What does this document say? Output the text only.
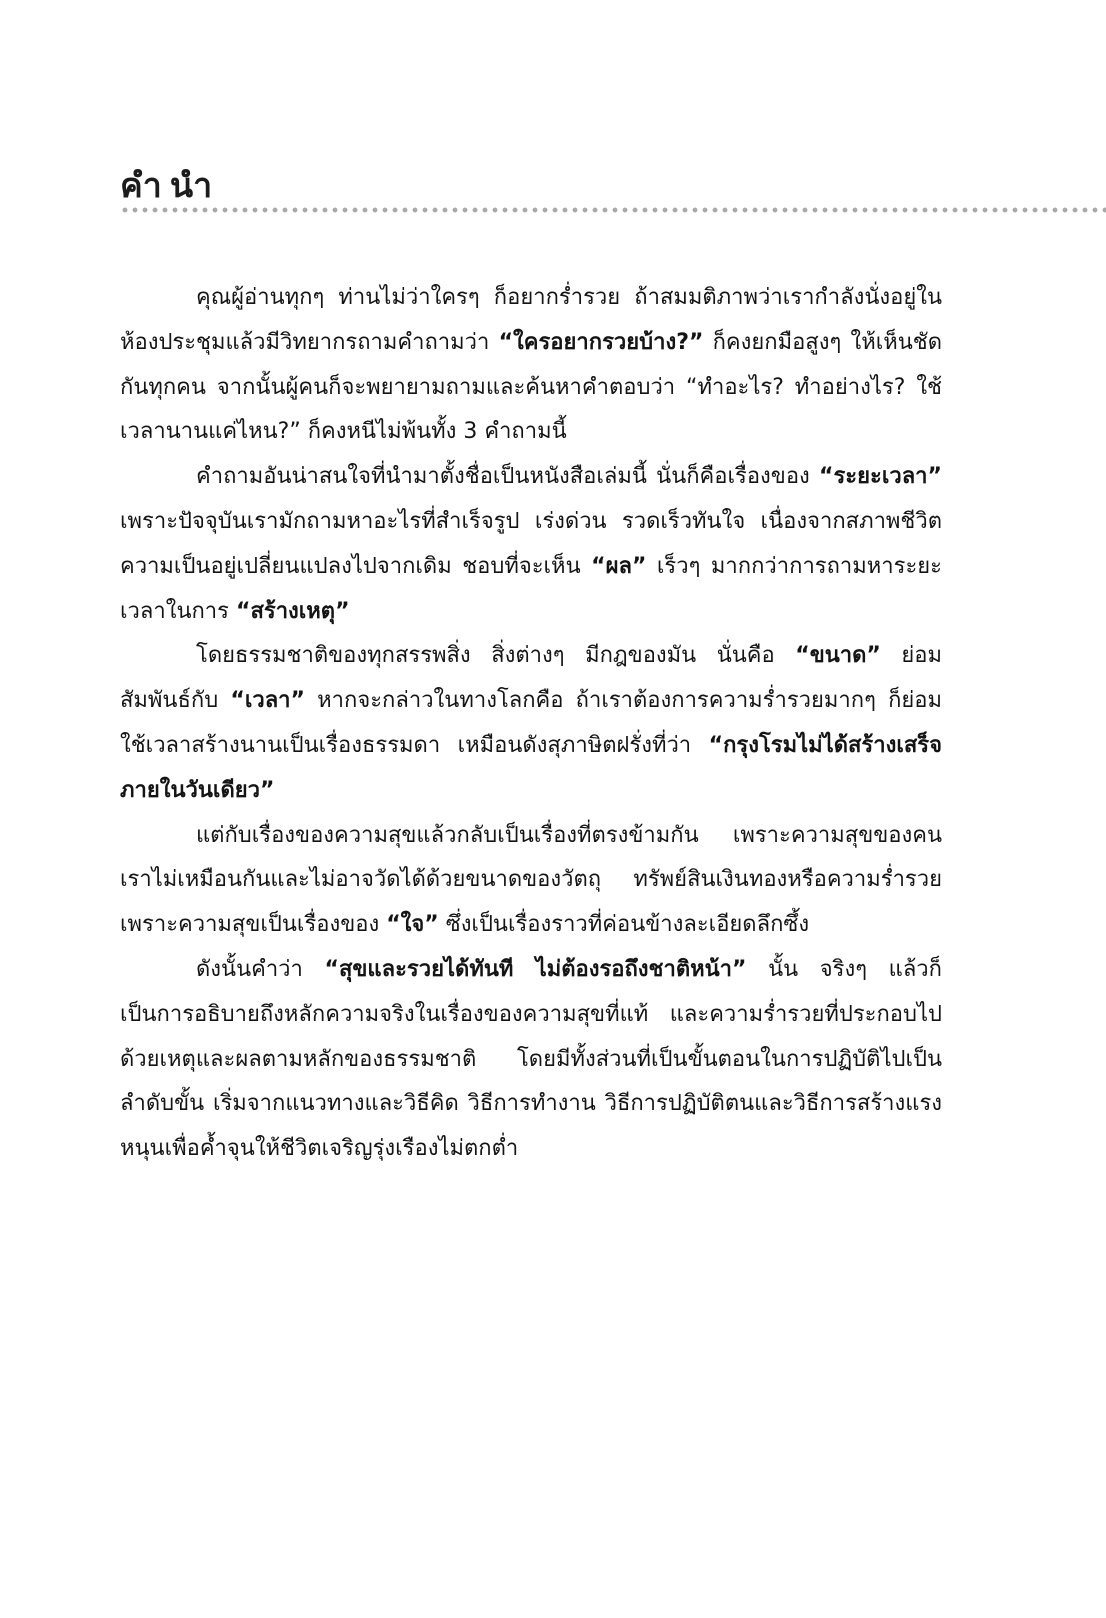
คำนำ

คุณผู้อ่านทุกๆ ท่านไม่ว่าใครๆ ก็อยากร่ำรวย ถ้าสมมติภาพว่าเรากำลังนั่งอยู่ในห้องประชุมแล้วมีวิทยากรถามคำถามว่า “ใครอยากรวยบ้าง?” ก็คงยกมือสูงๆ ให้เห็นชัดกันทุกคน จากนั้นผู้คนก็จะพยายามถามและค้นหาคำตอบว่า “ทำอะไร? ทำอย่างไร? ใช้เวลานานแค่ไหน?” ก็คงหนีไม่พ้นทั้ง 3 คำถามนี้

คำถามอันน่าสนใจที่นำมาตั้งชื่อเป็นหนังสือเล่มนี้ นั่นก็คือเรื่องของ “ระยะเวลา” เพราะปัจจุบันเรามักถามหาอะไรที่สำเร็จรูป เร่งด่วน รวดเร็วทันใจ เนื่องจากสภาพชีวิตความเป็นอยู่เปลี่ยนแปลงไปจากเดิม ชอบที่จะเห็น “ผล” เร็วๆ มากกว่าการถามหาระยะเวลาในการ “สร้างเหตุ”

โดยธรรมชาติของทุกสรรพสิ่ง สิ่งต่างๆ มีกฎของมัน นั่นคือ “ขนาด” ย่อมสัมพันธ์กับ “เวลา” หากจะกล่าวในทางโลกคือ ถ้าเราต้องการความร่ำรวยมากๆ ก็ย่อมใช้เวลาสร้างนานเป็นเรื่องธรรมดา เหมือนดังสุภาษิตฝรั่งที่ว่า “กรุงโรมไม่ได้สร้างเสร็จภายในวันเดียว”

แต่กับเรื่องของความสุขแล้วกลับเป็นเรื่องที่ตรงข้ามกัน เพราะความสุขของคนเราไม่เหมือนกันและไม่อาจวัดได้ด้วยขนาดของวัตถุ ทรัพย์สินเงินทองหรือความร่ำรวย เพราะความสุขเป็นเรื่องของ “ใจ” ซึ่งเป็นเรื่องราวที่ค่อนข้างละเอียดลึกซึ้ง

ดังนั้นคำว่า “สุขและรวยได้ทันที ไม่ต้องรอถึงชาติหน้า” นั้น จริงๆ แล้วก็เป็นการอธิบายถึงหลักความจริงในเรื่องของความสุขที่แท้ และความร่ำรวยที่ประกอบไปด้วยเหตุและผลตามหลักของธรรมชาติ โดยมีทั้งส่วนที่เป็นขั้นตอนในการปฏิบัติไปเป็นลำดับขั้น เริ่มจากแนวทางและวิธีคิด วิธีการทำงาน วิธีการปฏิบัติตนและวิธีการสร้างแรงหนุนเพื่อค้ำจุนให้ชีวิตเจริญรุ่งเรืองไม่ตกต่ำ
